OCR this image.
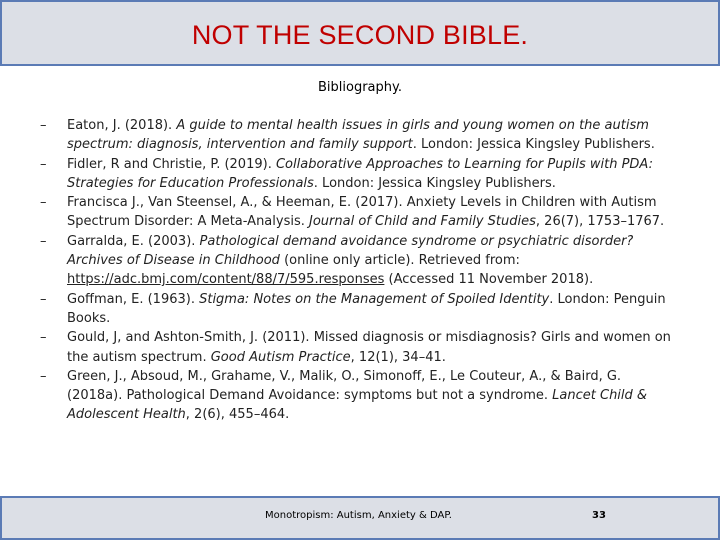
NOT THE SECOND BIBLE.
Bibliography.
– Eaton, J. (2018). A guide to mental health issues in girls and young women on the autism spectrum: diagnosis, intervention and family support. London: Jessica Kingsley Publishers.
– Fidler, R and Christie, P. (2019). Collaborative Approaches to Learning for Pupils with PDA: Strategies for Education Professionals. London: Jessica Kingsley Publishers.
– Francisca J., Van Steensel, A., & Heeman, E. (2017). Anxiety Levels in Children with Autism Spectrum Disorder: A Meta-Analysis. Journal of Child and Family Studies, 26(7), 1753–1767.
– Garralda, E. (2003). Pathological demand avoidance syndrome or psychiatric disorder? Archives of Disease in Childhood (online only article). Retrieved from: https://adc.bmj.com/content/88/7/595.responses (Accessed 11 November 2018).
– Goffman, E. (1963). Stigma: Notes on the Management of Spoiled Identity. London: Penguin Books.
– Gould, J, and Ashton-Smith, J. (2011). Missed diagnosis or misdiagnosis? Girls and women on the autism spectrum. Good Autism Practice, 12(1), 34–41.
– Green, J., Absoud, M., Grahame, V., Malik, O., Simonoff, E., Le Couteur, A., & Baird, G. (2018a). Pathological Demand Avoidance: symptoms but not a syndrome. Lancet Child & Adolescent Health, 2(6), 455–464.
Monotropism: Autism, Anxiety & DAP.	33
